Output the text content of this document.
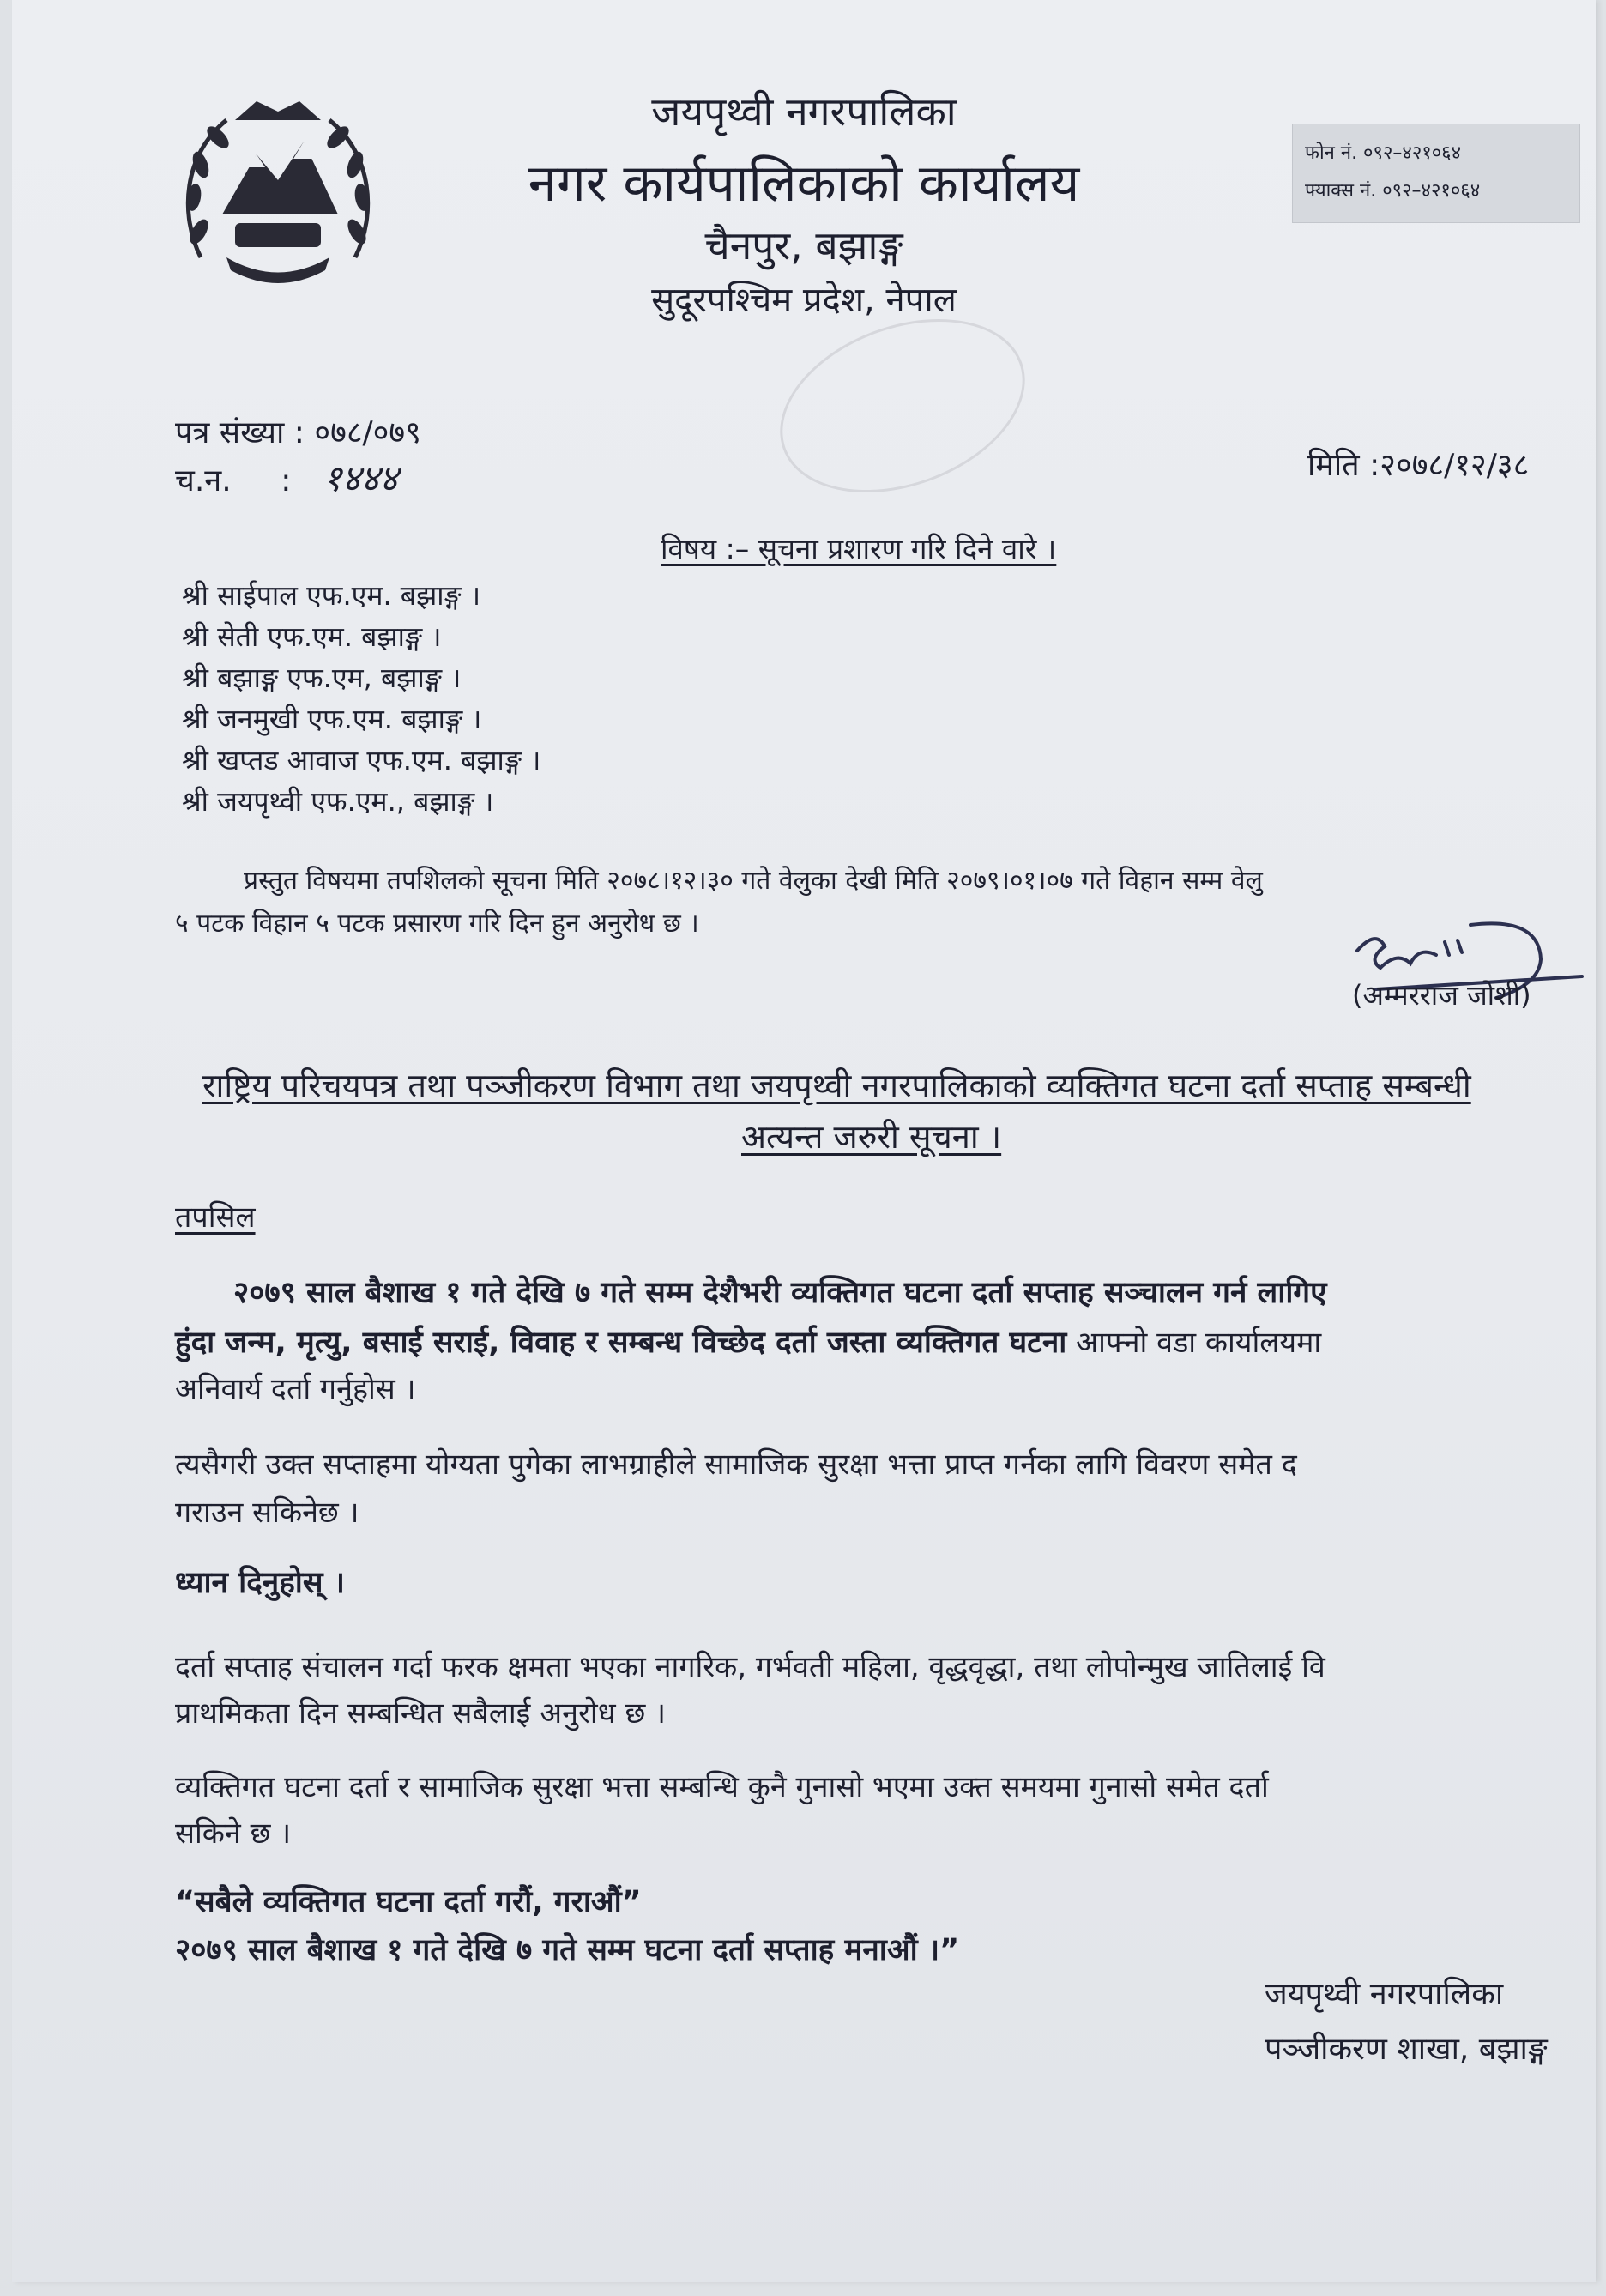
जयपृथ्वी नगरपालिका
नगर कार्यपालिकाको कार्यालय
चैनपुर, बझाङ्ग
सुदूरपश्चिम प्रदेश, नेपाल
फोन नं. ०९२–४२१०६४
फ्याक्स नं. ०९२–४२१०६४
पत्र संख्या : ०७८/०७९
च.न. : १४४४	मिति :२०७८/१२/३८
विषय :– सूचना प्रशारण गरि दिने वारे ।
श्री साईपाल एफ.एम. बझाङ्ग ।
श्री सेती एफ.एम. बझाङ्ग ।
श्री बझाङ्ग एफ.एम, बझाङ्ग ।
श्री जनमुखी एफ.एम. बझाङ्ग ।
श्री खप्तड आवाज एफ.एम. बझाङ्ग ।
श्री जयपृथ्वी एफ.एम., बझाङ्ग ।
प्रस्तुत विषयमा तपशिलको सूचना मिति २०७८।१२।३० गते वेलुका देखी मिति २०७९।०१।०७ गते विहान सम्म वेलु
५ पटक विहान ५ पटक प्रसारण गरि दिन हुन अनुरोध छ ।
(अम्मरराज जोशी)
राष्ट्रिय परिचयपत्र तथा पञ्जीकरण विभाग तथा जयपृथ्वी नगरपालिकाको व्यक्तिगत घटना दर्ता सप्ताह सम्बन्धी
अत्यन्त जरुरी सूचना ।
तपसिल
२०७९ साल बैशाख १ गते देखि ७ गते सम्म देशैभरी व्यक्तिगत घटना दर्ता सप्ताह सञ्चालन गर्न लागिए
हुंदा जन्म, मृत्यु, बसाई सराई, विवाह र सम्बन्ध विच्छेद दर्ता जस्ता व्यक्तिगत घटना आफ्नो वडा कार्यालयमा
अनिवार्य दर्ता गर्नुहोस ।
त्यसैगरी उक्त सप्ताहमा योग्यता पुगेका लाभग्राहीले सामाजिक सुरक्षा भत्ता प्राप्त गर्नका लागि विवरण समेत द
गराउन सकिनेछ ।
ध्यान दिनुहोस् ।
दर्ता सप्ताह संचालन गर्दा फरक क्षमता भएका नागरिक, गर्भवती महिला, वृद्धवृद्धा, तथा लोपोन्मुख जातिलाई वि
प्राथमिकता दिन सम्बन्धित सबैलाई अनुरोध छ ।
व्यक्तिगत घटना दर्ता र सामाजिक सुरक्षा भत्ता सम्बन्धि कुनै गुनासो भएमा उक्त समयमा गुनासो समेत दर्ता
सकिने छ ।
“सबैले व्यक्तिगत घटना दर्ता गरौं, गराऔं”
२०७९ साल बैशाख १ गते देखि ७ गते सम्म घटना दर्ता सप्ताह मनाऔं ।”
जयपृथ्वी नगरपालिका
पञ्जीकरण शाखा, बझाङ्ग
